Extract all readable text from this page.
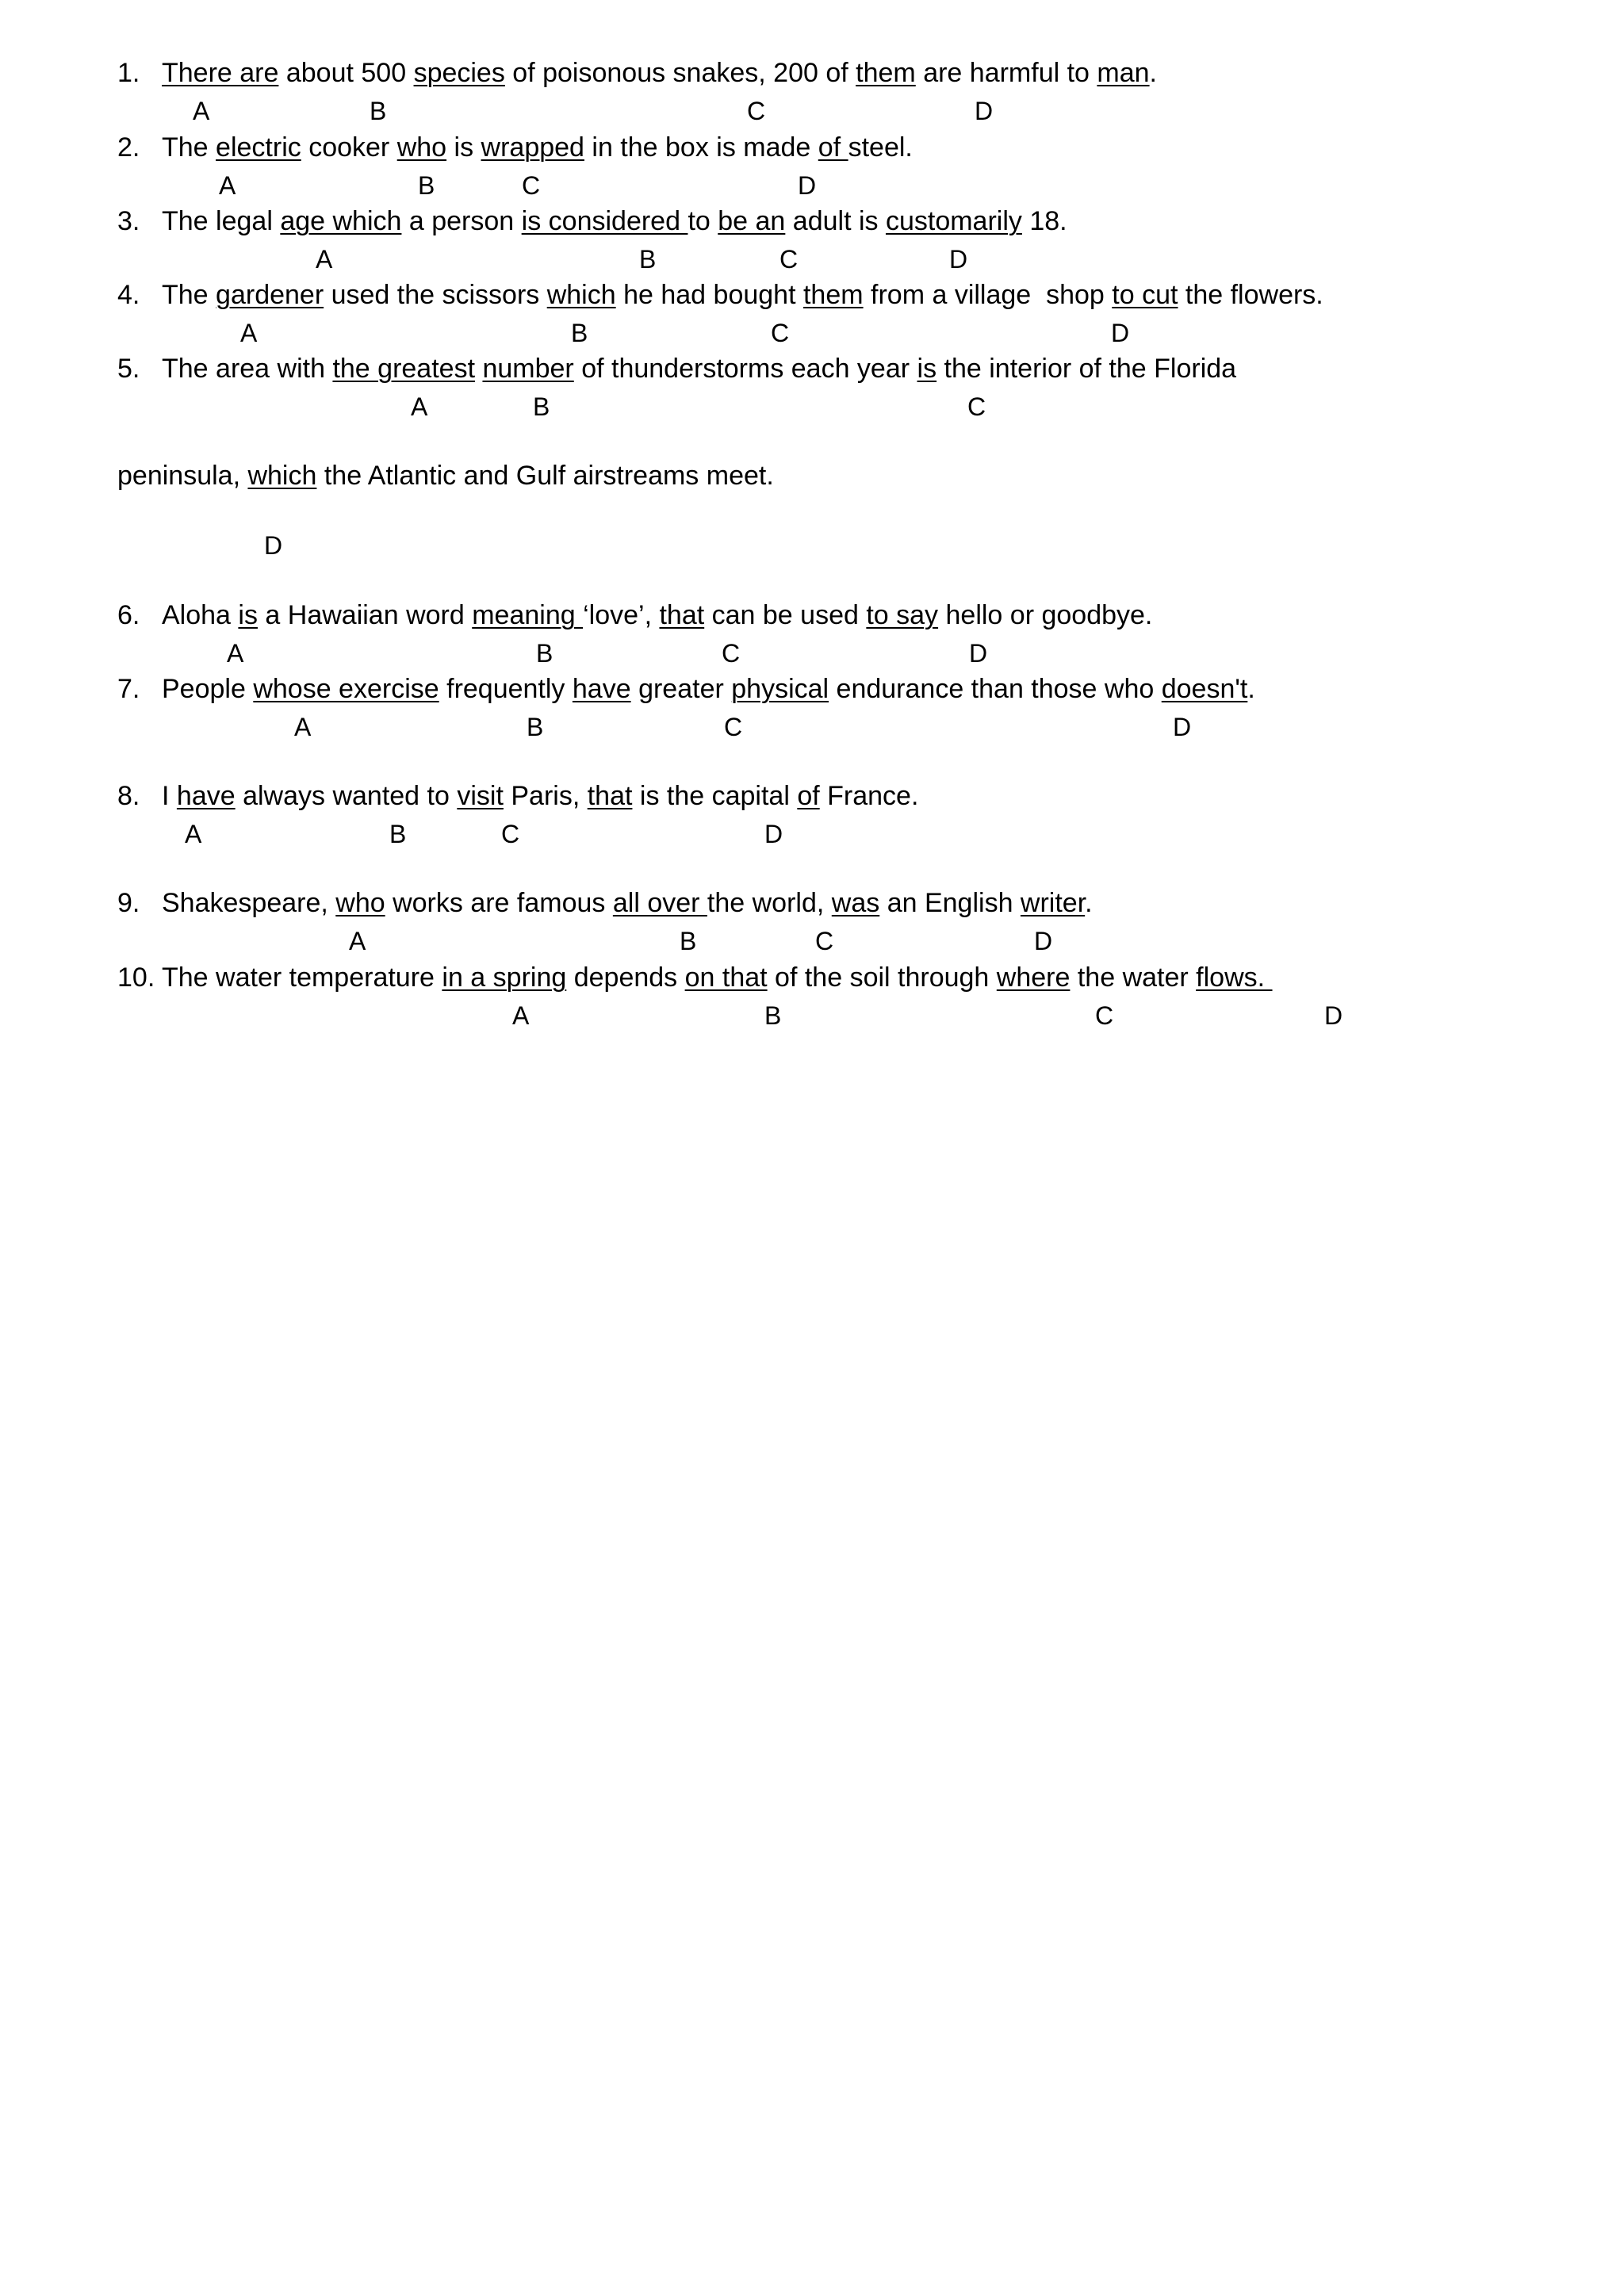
1. There are about 500 species of poisonous snakes, 200 of them are harmful to man.
A	B	C	D
2. The electric cooker who is wrapped in the box is made of steel.
A	B	C	D
3. The legal age which a person is considered to be an adult is customarily 18.
A	B	C	D
4. The gardener used the scissors which he had bought them from a village  shop to cut the flowers.
A	B	C	D
5. The area with the greatest number of thunderstorms each year is the interior of the Florida
peninsula, which the Atlantic and Gulf airstreams meet.
A	B	C
D
6. Aloha is a Hawaiian word meaning ‘love’, that can be used to say hello or goodbye.
A	B	C	D
7. People whose exercise frequently have greater physical endurance than those who doesn't.
A	B	C	D
8. I have always wanted to visit Paris, that is the capital of France.
A	B	C	D
9. Shakespeare, who works are famous all over the world, was an English writer.
A	B	C	D
10. The water temperature in a spring depends on that of the soil through where the water flows.
A	B	C	D
